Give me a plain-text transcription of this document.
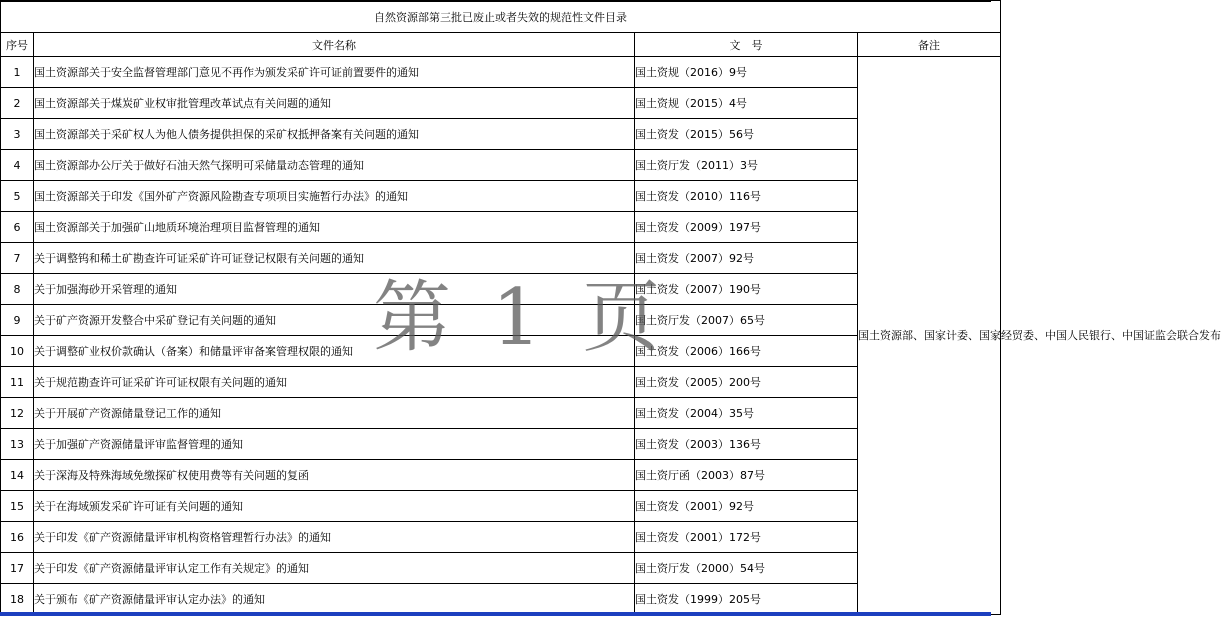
自然资源部第三批已废止或者失效的规范性文件目录			
序号	文件名称	文　号	备注
1	国土资源部关于安全监督管理部门意见不再作为颁发采矿许可证前置要件的通知	国土资规（2016）9号	国土资源部、国家计委、国家经贸委、中国人民银行、中国证监会联合发布
2	国土资源部关于煤炭矿业权审批管理改革试点有关问题的通知	国土资规（2015）4号	
3	国土资源部关于采矿权人为他人债务提供担保的采矿权抵押备案有关问题的通知	国土资发（2015）56号	
4	国土资源部办公厅关于做好石油天然气探明可采储量动态管理的通知	国土资厅发（2011）3号	
5	国土资源部关于印发《国外矿产资源风险勘查专项项目实施暂行办法》的通知	国土资发（2010）116号	
6	国土资源部关于加强矿山地质环境治理项目监督管理的通知	国土资发（2009）197号	
7	关于调整钨和稀土矿勘查许可证采矿许可证登记权限有关问题的通知	国土资发（2007）92号	
8	关于加强海砂开采管理的通知	国土资发（2007）190号	
9	关于矿产资源开发整合中采矿登记有关问题的通知	国土资厅发（2007）65号	
10	关于调整矿业权价款确认（备案）和储量评审备案管理权限的通知	国土资发（2006）166号	
11	关于规范勘查许可证采矿许可证权限有关问题的通知	国土资发（2005）200号	
12	关于开展矿产资源储量登记工作的通知	国土资发（2004）35号	
13	关于加强矿产资源储量评审监督管理的通知	国土资发（2003）136号	
14	关于深海及特殊海域免缴探矿权使用费等有关问题的复函	国土资厅函（2003）87号	
15	关于在海域颁发采矿许可证有关问题的通知	国土资发（2001）92号	
16	关于印发《矿产资源储量评审机构资格管理暂行办法》的通知	国土资发（2001）172号	
17	关于印发《矿产资源储量评审认定工作有关规定》的通知	国土资厅发（2000）54号	
18	关于颁布《矿产资源储量评审认定办法》的通知	国土资发（1999）205号	
第 1 页
